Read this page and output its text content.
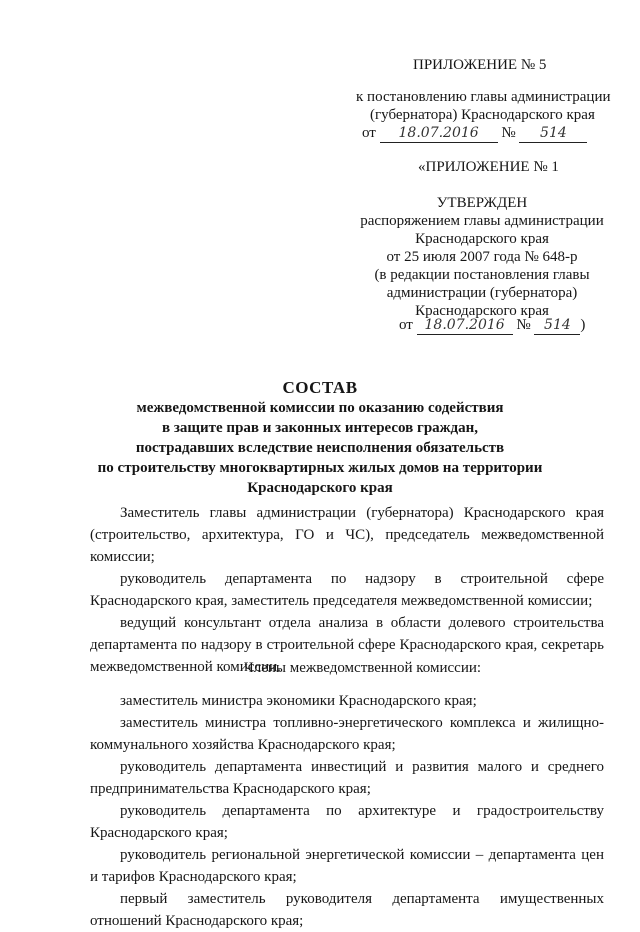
ПРИЛОЖЕНИЕ № 5
к постановлению главы администрации
(губернатора) Краснодарского края
от 18.07.2016 № 514
«ПРИЛОЖЕНИЕ № 1
УТВЕРЖДЕН
распоряжением главы администрации
Краснодарского края
от 25 июля 2007 года № 648-р
(в редакции постановления главы
администрации (губернатора)
Краснодарского края
от 18.07.2016 № 514 )
СОСТАВ
межведомственной комиссии по оказанию содействия
в защите прав и законных интересов граждан,
пострадавших вследствие неисполнения обязательств
по строительству многоквартирных жилых домов на территории
Краснодарского края

Заместитель главы администрации (губернатора) Краснодарского края (строительство, архитектура, ГО и ЧС), председатель межведомственной комиссии;

руководитель департамента по надзору в строительной сфере Краснодарского края, заместитель председателя межведомственной комиссии;

ведущий консультант отдела анализа в области долевого строительства департамента по надзору в строительной сфере Краснодарского края, секретарь межведомственной комиссии.

Члены межведомственной комиссии:

заместитель министра экономики Краснодарского края;

заместитель министра топливно-энергетического комплекса и жилищно-коммунального хозяйства Краснодарского края;

руководитель департамента инвестиций и развития малого и среднего предпринимательства Краснодарского края;

руководитель департамента по архитектуре и градостроительству Краснодарского края;

руководитель региональной энергетической комиссии – департамента цен и тарифов Краснодарского края;

первый заместитель руководителя департамента имущественных отношений Краснодарского края;
